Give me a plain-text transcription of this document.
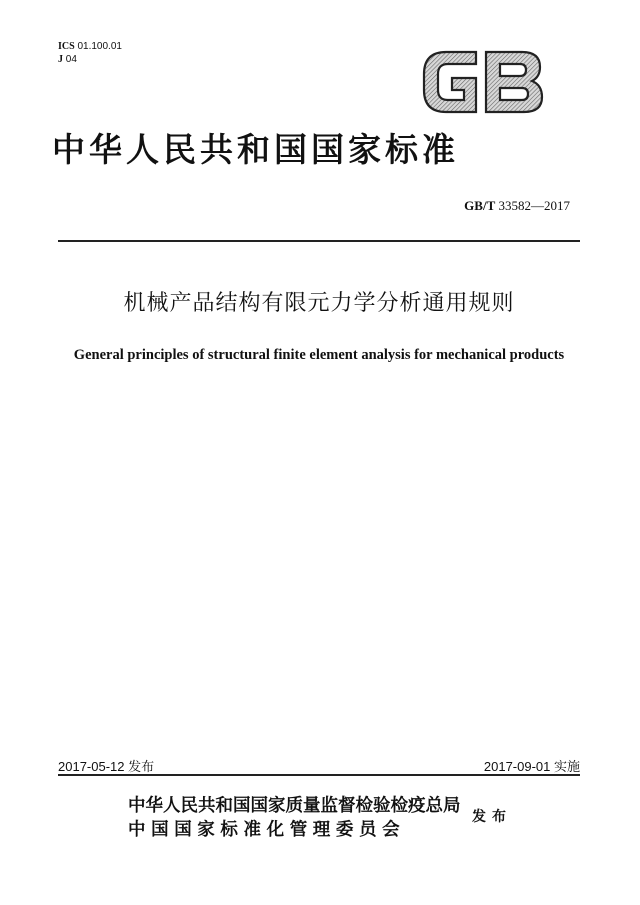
ICS 01.100.01
J 04
中华人民共和国国家标准
GB/T 33582—2017
机械产品结构有限元力学分析通用规则
General principles of structural finite element analysis for mechanical products
2017-05-12 发布	2017-09-01 实施
中华人民共和国国家质量监督检验检疫总局
中国国家标准化管理委员会
发布
